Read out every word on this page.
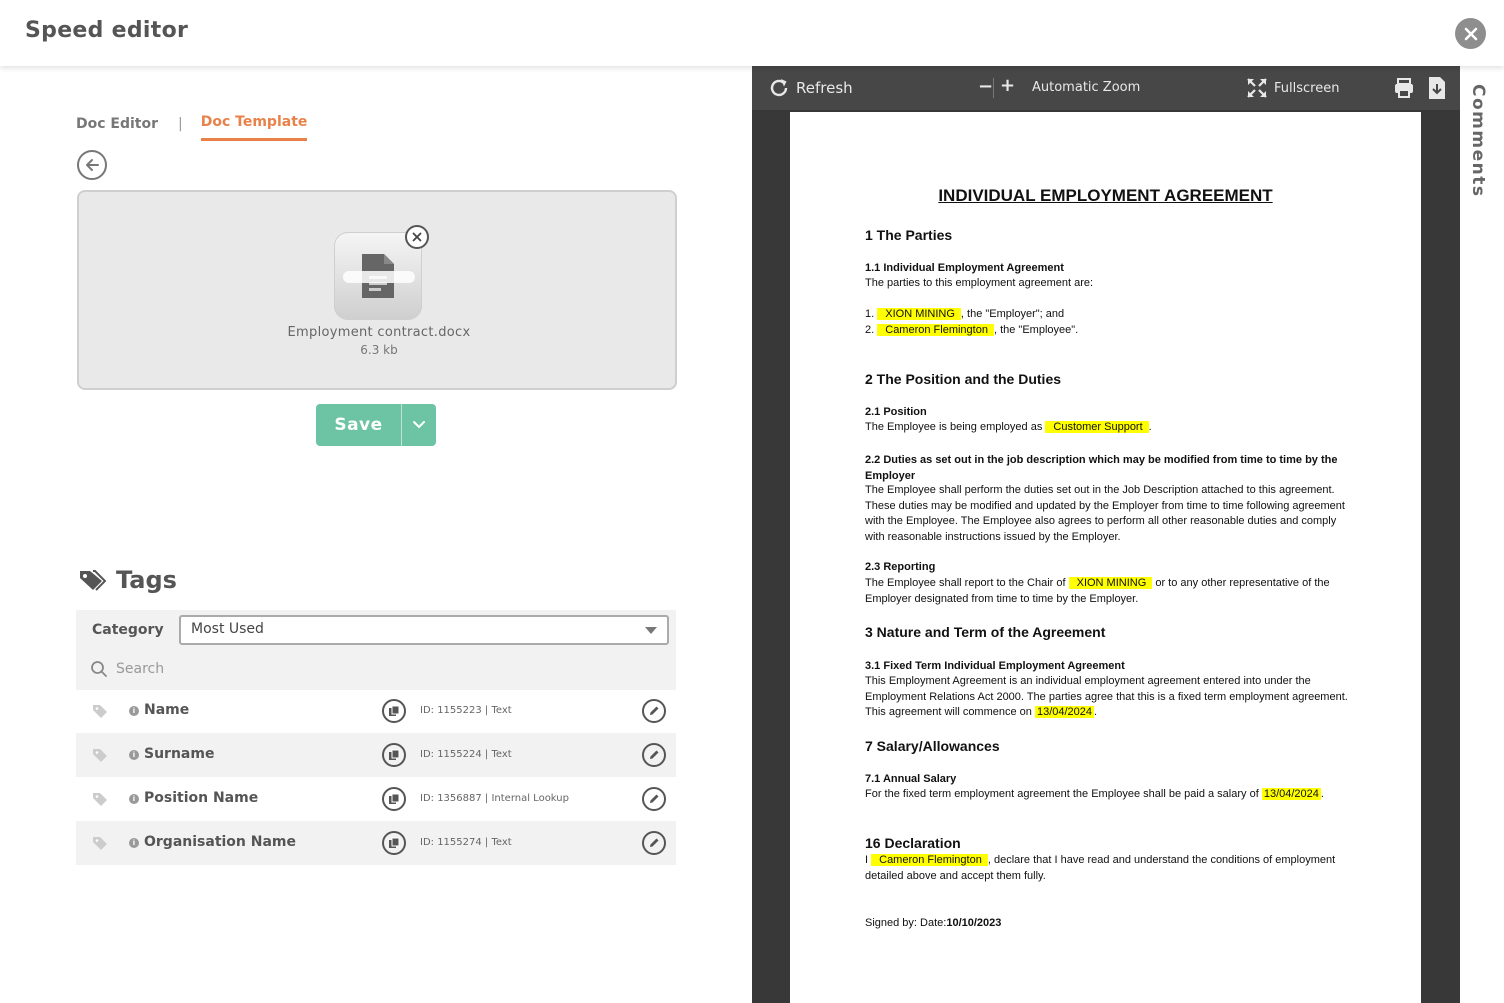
Speed editor
Doc Editor | Doc Template
Employment contract.docx
6.3 kb
Save
Tags
Category	Most Used
Search
i Name	ID: 1155223 | Text
i Surname	ID: 1155224 | Text
i Position Name	ID: 1356887 | Internal Lookup
i Organisation Name	ID: 1155274 | Text
Refresh	− + Automatic Zoom	Fullscreen
INDIVIDUAL EMPLOYMENT AGREEMENT
1 The Parties
1.1 Individual Employment Agreement
The parties to this employment agreement are:
1. XION MINING , the "Employer"; and
2. Cameron Flemington , the "Employee".
2 The Position and the Duties
2.1 Position
The Employee is being employed as Customer Support .
2.2 Duties as set out in the job description which may be modified from time to time by the Employer
The Employee shall perform the duties set out in the Job Description attached to this agreement. These duties may be modified and updated by the Employer from time to time following agreement with the Employee. The Employee also agrees to perform all other reasonable duties and comply with reasonable instructions issued by the Employer.
2.3 Reporting
The Employee shall report to the Chair of XION MINING or to any other representative of the Employer designated from time to time by the Employer.
3 Nature and Term of the Agreement
3.1 Fixed Term Individual Employment Agreement
This Employment Agreement is an individual employment agreement entered into under the Employment Relations Act 2000. The parties agree that this is a fixed term employment agreement. This agreement will commence on 13/04/2024 .
7 Salary/Allowances
7.1 Annual Salary
For the fixed term employment agreement the Employee shall be paid a salary of 13/04/2024 .
16 Declaration
I Cameron Flemington , declare that I have read and understand the conditions of employment detailed above and accept them fully.
Signed by: Date:10/10/2023
Comments
